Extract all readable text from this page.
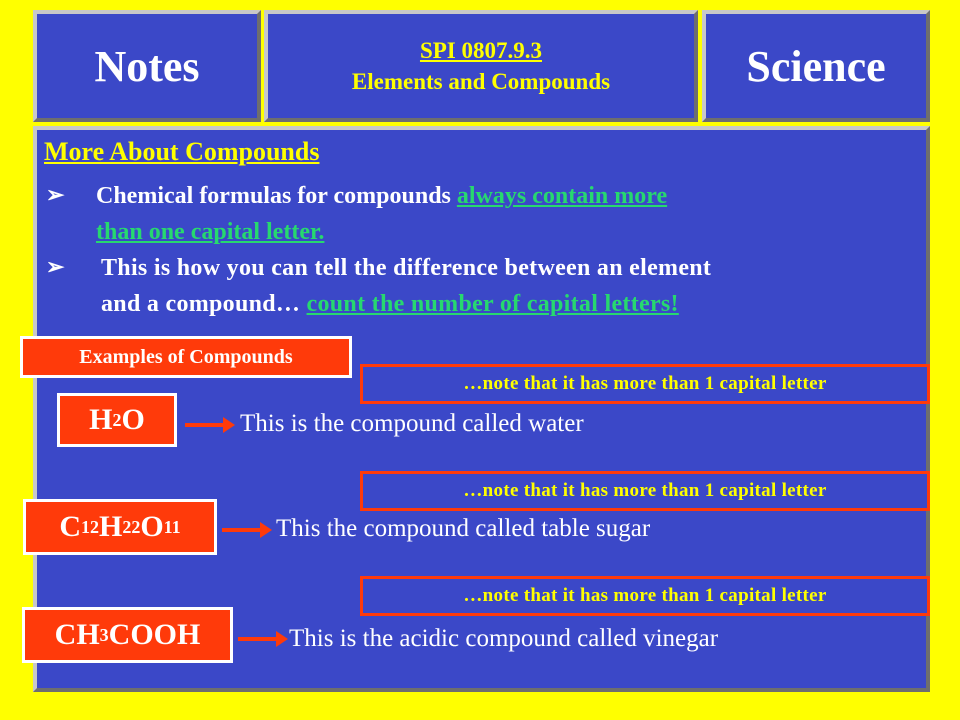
Notes	SPI 0807.9.3
Elements and Compounds	Science
More About Compounds
➢ Chemical formulas for compounds always contain more
than one capital letter.
➢ This is how you can tell the difference between an element
and a compound… count the number of capital letters!
Examples of Compounds
…note that it has more than 1 capital letter
H 2 O	This is the compound called water
…note that it has more than 1 capital letter
C 12 H 22 O 11	This the compound called table sugar
…note that it has more than 1 capital letter
CH 3 COOH	This is the acidic compound called vinegar
